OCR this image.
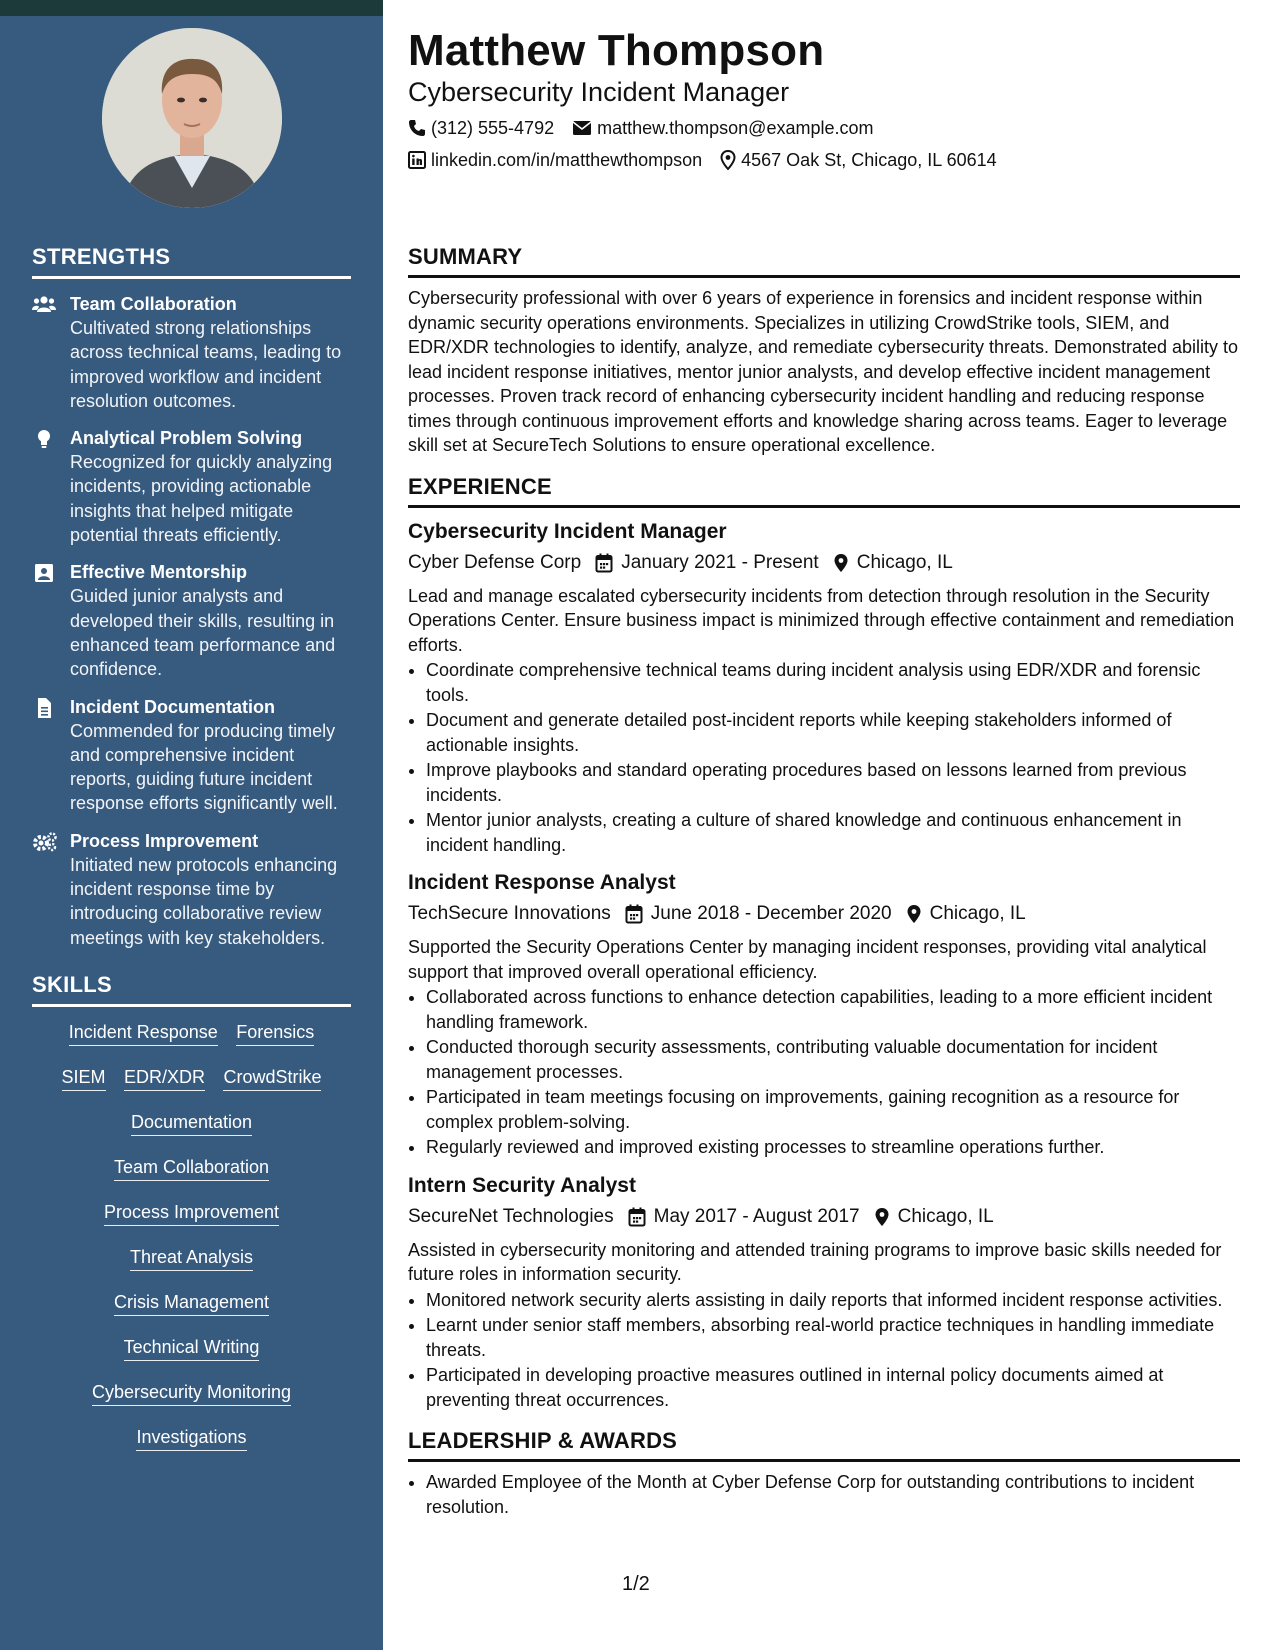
STRENGTHS
Team Collaboration
Cultivated strong relationships across technical teams, leading to improved workflow and incident resolution outcomes.
Analytical Problem Solving
Recognized for quickly analyzing incidents, providing actionable insights that helped mitigate potential threats efficiently.
Effective Mentorship
Guided junior analysts and developed their skills, resulting in enhanced team performance and confidence.
Incident Documentation
Commended for producing timely and comprehensive incident reports, guiding future incident response efforts significantly well.
Process Improvement
Initiated new protocols enhancing incident response time by introducing collaborative review meetings with key stakeholders.
SKILLS
Incident Response Forensics
SIEM EDR/XDR CrowdStrike
Documentation
Team Collaboration
Process Improvement
Threat Analysis
Crisis Management
Technical Writing
Cybersecurity Monitoring
Investigations
Matthew Thompson
Cybersecurity Incident Manager
(312) 555-4792 matthew.thompson@example.com
linkedin.com/in/matthewthompson 4567 Oak St, Chicago, IL 60614
SUMMARY
Cybersecurity professional with over 6 years of experience in forensics and incident response within dynamic security operations environments. Specializes in utilizing CrowdStrike tools, SIEM, and EDR/XDR technologies to identify, analyze, and remediate cybersecurity threats. Demonstrated ability to lead incident response initiatives, mentor junior analysts, and develop effective incident management processes. Proven track record of enhancing cybersecurity incident handling and reducing response times through continuous improvement efforts and knowledge sharing across teams. Eager to leverage skill set at SecureTech Solutions to ensure operational excellence.
EXPERIENCE
Cybersecurity Incident Manager
Cyber Defense Corp January 2021 - Present Chicago, IL
Lead and manage escalated cybersecurity incidents from detection through resolution in the Security Operations Center. Ensure business impact is minimized through effective containment and remediation efforts.
• Coordinate comprehensive technical teams during incident analysis using EDR/XDR and forensic tools.
• Document and generate detailed post-incident reports while keeping stakeholders informed of actionable insights.
• Improve playbooks and standard operating procedures based on lessons learned from previous incidents.
• Mentor junior analysts, creating a culture of shared knowledge and continuous enhancement in incident handling.
Incident Response Analyst
TechSecure Innovations June 2018 - December 2020 Chicago, IL
Supported the Security Operations Center by managing incident responses, providing vital analytical support that improved overall operational efficiency.
• Collaborated across functions to enhance detection capabilities, leading to a more efficient incident handling framework.
• Conducted thorough security assessments, contributing valuable documentation for incident management processes.
• Participated in team meetings focusing on improvements, gaining recognition as a resource for complex problem-solving.
• Regularly reviewed and improved existing processes to streamline operations further.
Intern Security Analyst
SecureNet Technologies May 2017 - August 2017 Chicago, IL
Assisted in cybersecurity monitoring and attended training programs to improve basic skills needed for future roles in information security.
• Monitored network security alerts assisting in daily reports that informed incident response activities.
• Learnt under senior staff members, absorbing real-world practice techniques in handling immediate threats.
• Participated in developing proactive measures outlined in internal policy documents aimed at preventing threat occurrences.
LEADERSHIP & AWARDS
• Awarded Employee of the Month at Cyber Defense Corp for outstanding contributions to incident resolution.
1/2
